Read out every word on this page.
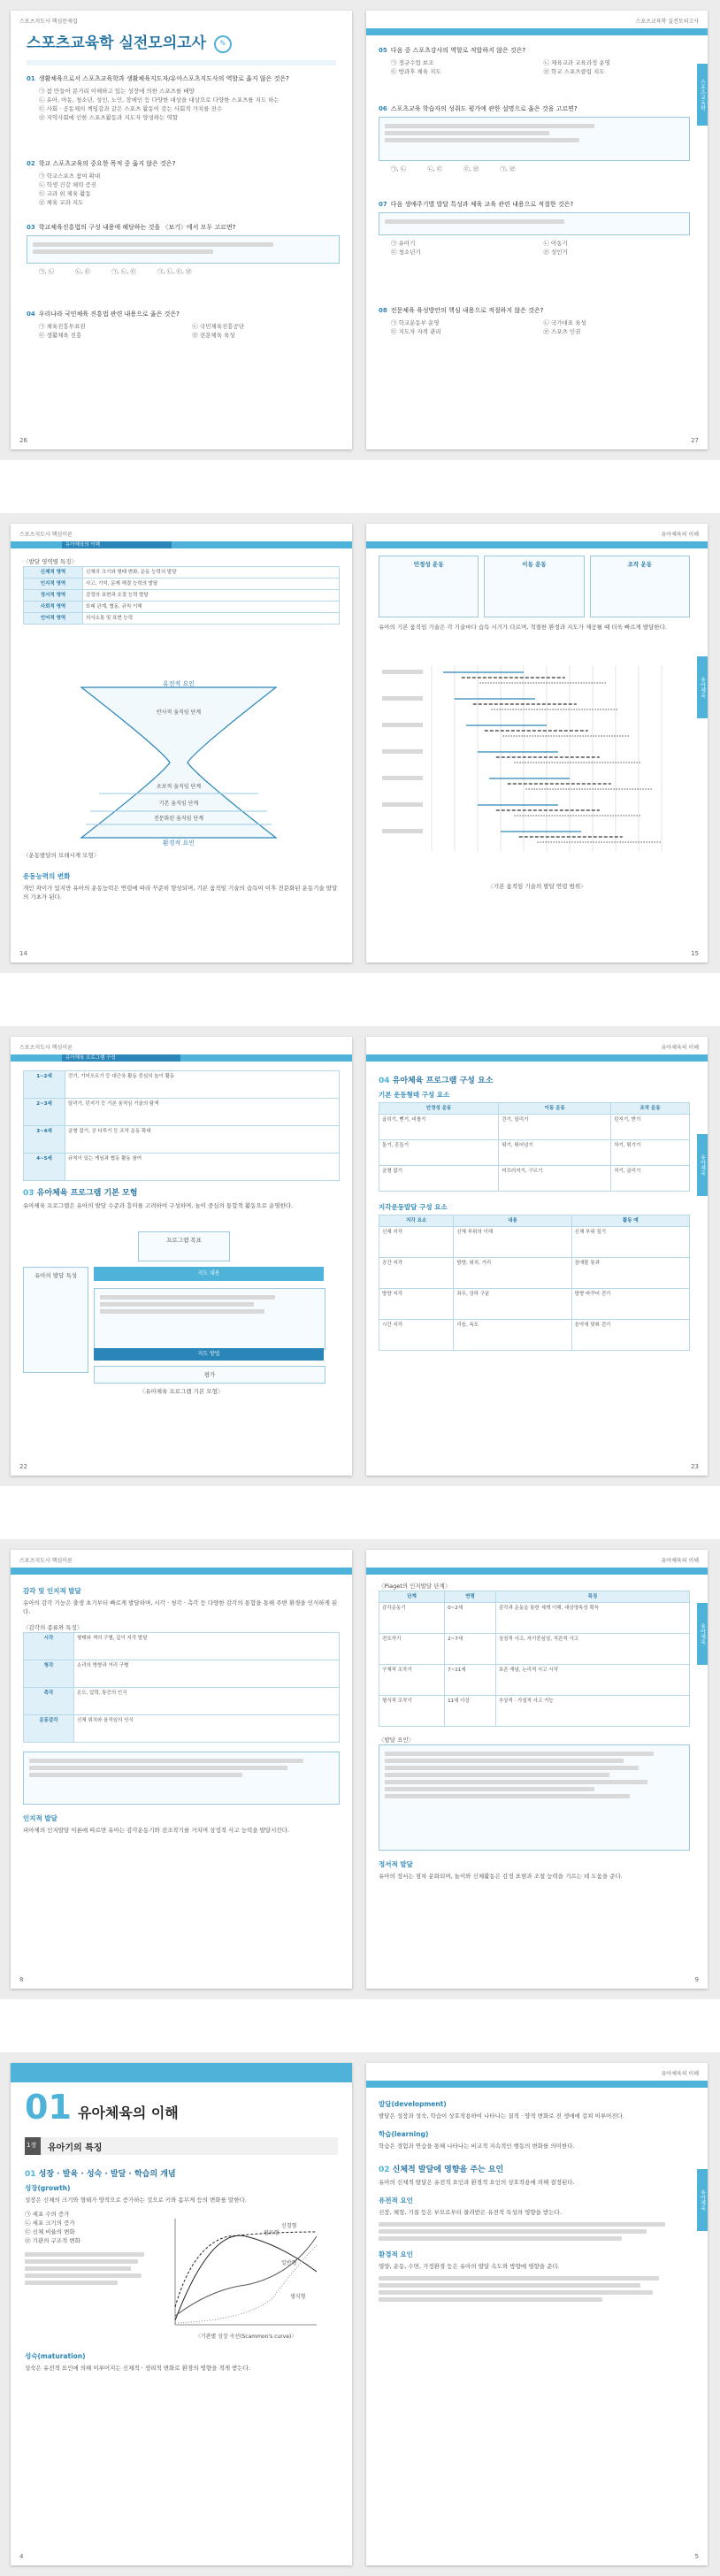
스포츠지도사 핵심문제집
스포츠교육학 실전모의고사 ✎
01 생활체육으로서 스포츠교육학과 생활체육지도자/유아스포츠지도사의 역할로 옳지 않은 것은?
㉠ 참 만들어 문거리 이해하고 있는 성장에 의한 스포츠를 배양
㉡ 유아, 아동, 청소년, 성인, 노인, 장애인 등 다양한 대상을 대상으로 다양한 스포츠를 지도 하는
㉢ 사회 · 공동체의 책임감과 같은 스포츠 활동이 갖는 사회적 가치를 전수
㉣ 지역사회에 인한 스포츠활동과 지도자 양성하는 역할
02 학교 스포츠교육의 중요한 목적 중 옳지 않은 것은?
㉠ 학교스포츠 참여 확대
㉡ 학생 건강 체력 증진
㉢ 교과 외 체육 활동
㉣ 체육 교과 지도
03 학교체육진흥법의 구성 내용에 해당하는 것을 〈보기〉에서 모두 고르면?
㉠, ㉡	㉡, ㉢	㉠, ㉡, ㉢	㉠, ㉡, ㉢, ㉣
04 우리나라 국민체육 진흥법 관련 내용으로 옳은 것은?
㉠ 체육진흥투표권	㉡ 국민체육진흥공단
㉢ 생활체육 진흥	㉣ 전문체육 육성
26
스포츠교육학 실전모의고사
스포츠교육학
05 다음 중 스포츠강사의 역할로 적합하지 않은 것은?
㉠ 정규수업 보조	㉡ 체육교과 교육과정 운영
㉢ 방과후 체육 지도	㉣ 학교 스포츠클럽 지도
06 스포츠교육 학습자의 성취도 평가에 관한 설명으로 옳은 것을 고르면?
㉠, ㉡	㉡, ㉢	㉢, ㉣	㉠, ㉣
07 다음 생애주기별 발달 특성과 체육 교육 관련 내용으로 적절한 것은?
㉠ 유아기	㉡ 아동기
㉢ 청소년기	㉣ 성인기
08 전문체육 육성방안의 핵심 내용으로 적절하지 않은 것은?
㉠ 학교운동부 운영	㉡ 국가대표 육성
㉢ 지도자 자격 관리	㉣ 스포츠 인권
27
스포츠지도사 핵심이론
유아체육의 이해
〈발달 영역별 특징〉
신체적 영역	신체의 크기와 형태 변화, 운동 능력의 발달
인지적 영역	사고, 기억, 문제 해결 능력의 발달
정서적 영역	감정의 표현과 조절 능력 발달
사회적 영역	또래 관계, 협동, 규칙 이해
언어적 영역	의사소통 및 표현 능력
유전적 요인
환경적 요인
반사적 움직임 단계
초보적 움직임 단계
기본 움직임 단계
전문화된 움직임 단계
〈운동발달의 모래시계 모형〉
운동능력의 변화
개인 차이가 있지만 유아의 운동능력은 연령에 따라 꾸준히 향상되며, 기본 움직임 기술의 습득이 이후 전문화된 운동기술 발달의 기초가 된다.
14
유아체육의 이해
유아체육
안정성 운동	이동 운동	조작 운동
유아의 기본 움직임 기술은 각 기술마다 습득 시기가 다르며, 적절한 환경과 지도가 제공될 때 더욱 빠르게 발달한다.
〈기본 움직임 기술의 발달 연령 범위〉
15
스포츠지도사 핵심이론
유아체육 프로그램 구성
1~2세	걷기, 기어오르기 등 대근육 활동 중심의 놀이 활동
2~3세	달리기, 던지기 등 기본 움직임 기술의 탐색
3~4세	균형 잡기, 공 다루기 등 조작 운동 확대
4~5세	규칙이 있는 게임과 협동 활동 참여
03 유아체육 프로그램 기본 모형
유아체육 프로그램은 유아의 발달 수준과 흥미를 고려하여 구성하며, 놀이 중심의 통합적 활동으로 운영한다.
프로그램 목표
유아의 발달 특성	지도 내용
지도 방법
평가
〈유아체육 프로그램 기본 모형〉
22
유아체육의 이해
유아체육
04 유아체육 프로그램 구성 요소
기본 운동형태 구성 요소
안정성 운동	이동 운동	조작 운동
굽히기, 뻗기, 비틀기	걷기, 달리기	던지기, 받기
돌기, 흔들기	뛰기, 뛰어넘기	차기, 튀기기
균형 잡기	미끄러지기, 구르기	치기, 굴리기
지각운동발달 구성 요소
지각 요소	내용	활동 예
신체 지각	신체 부위의 이해	신체 부위 짚기
공간 지각	방향, 위치, 거리	장애물 통과
방향 지각	좌우, 상하 구분	방향 바꾸어 걷기
시간 지각	리듬, 속도	음악에 맞춰 걷기
23
스포츠지도사 핵심이론
감각 및 인지적 발달
유아의 감각 기능은 출생 초기부터 빠르게 발달하며, 시각 · 청각 · 촉각 등 다양한 감각의 통합을 통해 주변 환경을 인식하게 된다.
〈감각의 종류와 특징〉
시각	형태와 색의 구별, 깊이 지각 발달
청각	소리의 방향과 거리 구별
촉각	온도, 압력, 통증의 인식
운동감각	신체 위치와 움직임의 인식
인지적 발달
피아제의 인지발달 이론에 따르면 유아는 감각운동기와 전조작기를 거치며 상징적 사고 능력을 발달시킨다.
8
유아체육의 이해
유아체육
〈Piaget의 인지발달 단계〉
단계	연령	특징
감각운동기	0~2세	감각과 운동을 통한 세계 이해, 대상영속성 획득
전조작기	2~7세	상징적 사고, 자기중심성, 직관적 사고
구체적 조작기	7~11세	보존 개념, 논리적 사고 시작
형식적 조작기	11세 이상	추상적 · 가설적 사고 가능
〈발달 요인〉
정서적 발달
유아의 정서는 점차 분화되며, 놀이와 신체활동은 감정 표현과 조절 능력을 기르는 데 도움을 준다.
9
01 유아체육의 이해
1장 유아기의 특징
01 성장 · 발육 · 성숙 · 발달 · 학습의 개념
성장(growth)
성장은 신체의 크기와 형태가 양적으로 증가하는 것으로 키와 몸무게 등의 변화를 말한다.
㉠ 세포 수의 증가
㉡ 세포 크기의 증가
㉢ 신체 비율의 변화
㉣ 기관의 구조적 변화
림프형
신경형
일반형
생식형
〈기관별 성장 곡선(Scammon's curve)〉
성숙(maturation)
성숙은 유전적 요인에 의해 이루어지는 신체적 · 생리적 변화로 환경의 영향을 적게 받는다.
4
유아체육의 이해
유아체육
발달(development)
발달은 성장과 성숙, 학습이 상호작용하여 나타나는 질적 · 양적 변화로 전 생애에 걸쳐 이루어진다.
학습(learning)
학습은 경험과 연습을 통해 나타나는 비교적 지속적인 행동의 변화를 의미한다.
02 신체적 발달에 영향을 주는 요인
유아의 신체적 발달은 유전적 요인과 환경적 요인의 상호작용에 의해 결정된다.
유전적 요인
신장, 체형, 기질 등은 부모로부터 물려받은 유전적 특성의 영향을 받는다.
환경적 요인
영양, 운동, 수면, 가정환경 등은 유아의 발달 속도와 방향에 영향을 준다.
5
